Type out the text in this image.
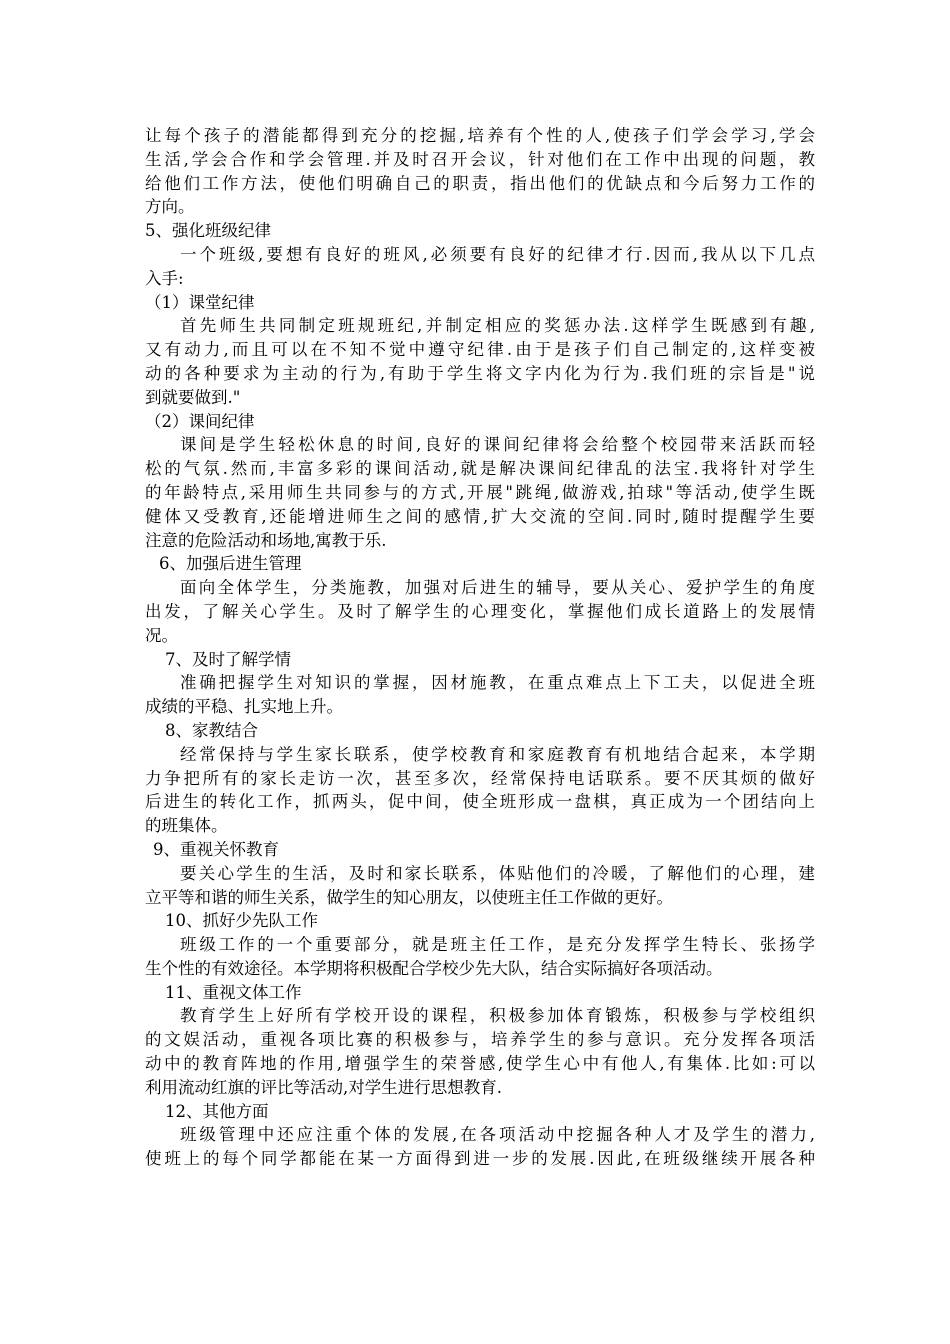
让每个孩子的潜能都得到充分的挖掘,培养有个性的人,使孩子们学会学习,学会
生活,学会合作和学会管理.并及时召开会议，针对他们在工作中出现的问题，教
给他们工作方法，使他们明确自己的职责，指出他们的优缺点和今后努力工作的
方向。
5、强化班级纪律
一个班级,要想有良好的班风,必须要有良好的纪律才行.因而,我从以下几点
入手:
（1）课堂纪律
首先师生共同制定班规班纪,并制定相应的奖惩办法.这样学生既感到有趣,
又有动力,而且可以在不知不觉中遵守纪律.由于是孩子们自己制定的,这样变被
动的各种要求为主动的行为,有助于学生将文字内化为行为.我们班的宗旨是"说
到就要做到."
（2）课间纪律
课间是学生轻松休息的时间,良好的课间纪律将会给整个校园带来活跃而轻
松的气氛.然而,丰富多彩的课间活动,就是解决课间纪律乱的法宝.我将针对学生
的年龄特点,采用师生共同参与的方式,开展"跳绳,做游戏,拍球"等活动,使学生既
健体又受教育,还能增进师生之间的感情,扩大交流的空间.同时,随时提醒学生要
注意的危险活动和场地,寓教于乐.
6、加强后进生管理
面向全体学生，分类施教，加强对后进生的辅导，要从关心、爱护学生的角度
出发，了解关心学生。及时了解学生的心理变化，掌握他们成长道路上的发展情
况。
7、及时了解学情
准确把握学生对知识的掌握，因材施教，在重点难点上下工夫，以促进全班
成绩的平稳、扎实地上升。
8、家教结合
经常保持与学生家长联系，使学校教育和家庭教育有机地结合起来，本学期
力争把所有的家长走访一次，甚至多次，经常保持电话联系。要不厌其烦的做好
后进生的转化工作，抓两头，促中间，使全班形成一盘棋，真正成为一个团结向上
的班集体。
9、重视关怀教育
要关心学生的生活，及时和家长联系，体贴他们的冷暖，了解他们的心理，建
立平等和谐的师生关系，做学生的知心朋友，以使班主任工作做的更好。
10、抓好少先队工作
班级工作的一个重要部分，就是班主任工作，是充分发挥学生特长、张扬学
生个性的有效途径。本学期将积极配合学校少先大队，结合实际搞好各项活动。
11、重视文体工作
教育学生上好所有学校开设的课程，积极参加体育锻炼，积极参与学校组织
的文娱活动，重视各项比赛的积极参与，培养学生的参与意识。充分发挥各项活
动中的教育阵地的作用,增强学生的荣誉感,使学生心中有他人,有集体.比如:可以
利用流动红旗的评比等活动,对学生进行思想教育.
12、其他方面
班级管理中还应注重个体的发展,在各项活动中挖掘各种人才及学生的潜力,
使班上的每个同学都能在某一方面得到进一步的发展.因此,在班级继续开展各种
